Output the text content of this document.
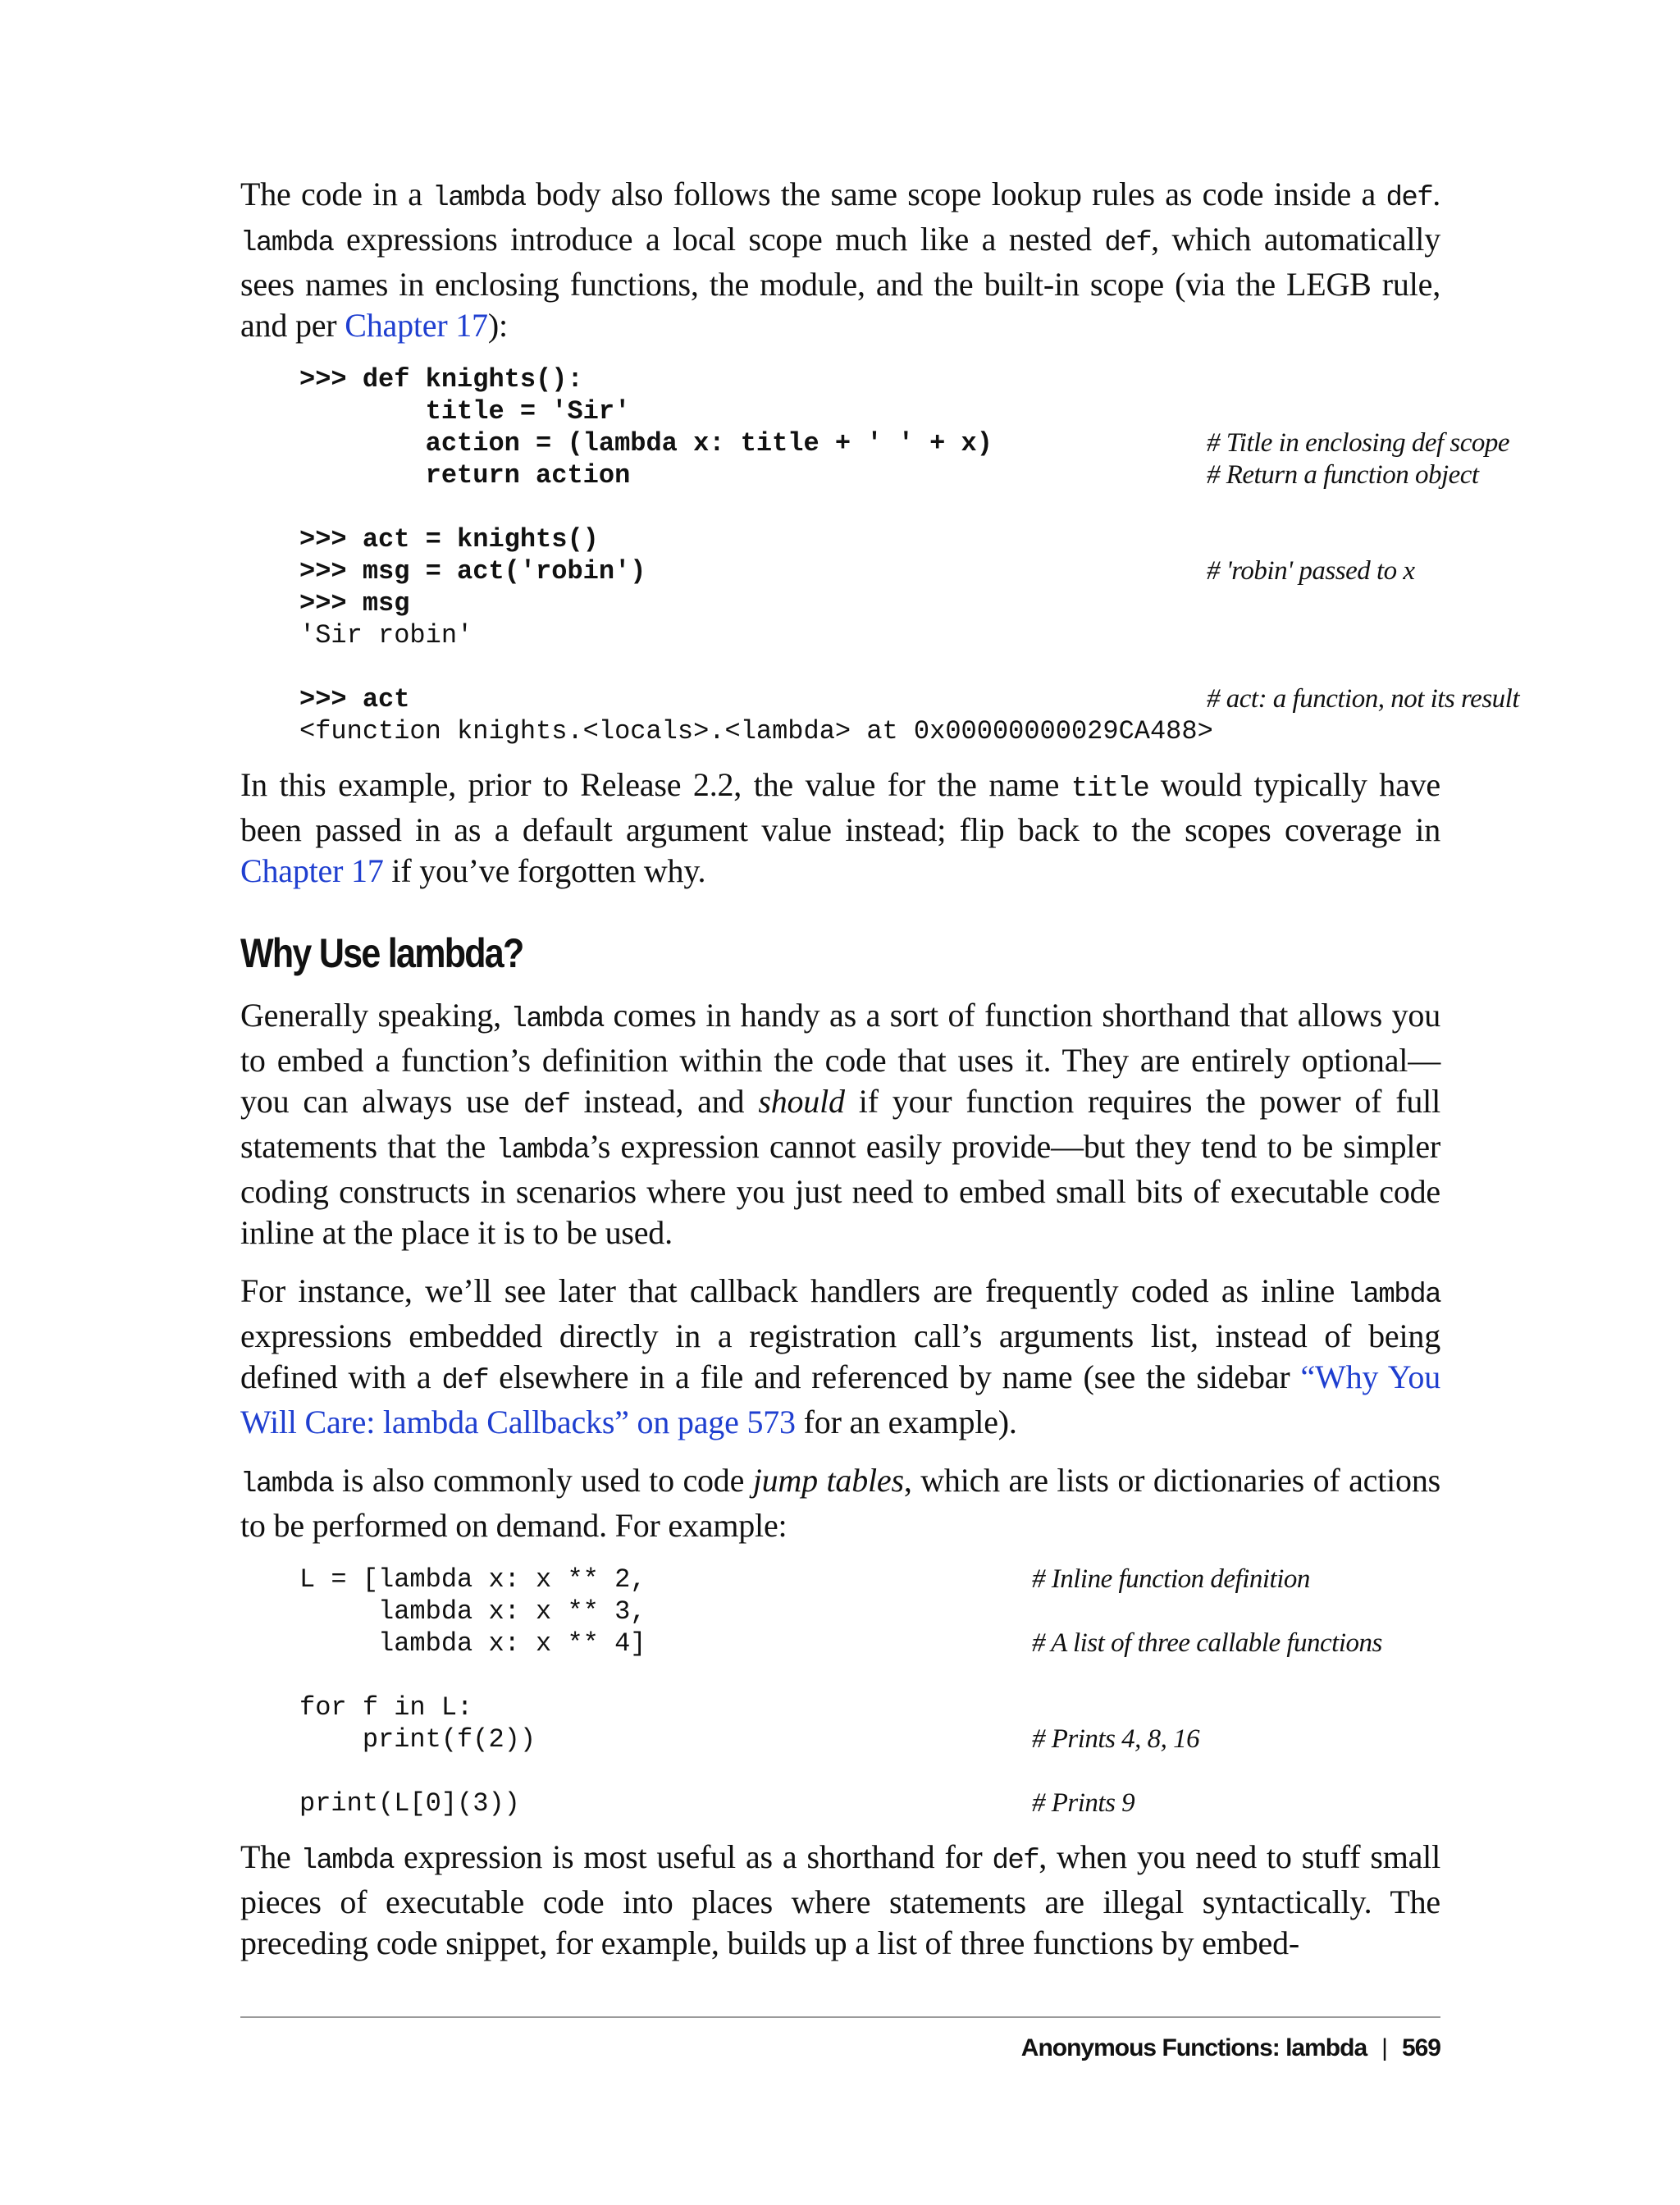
The code in a lambda body also follows the same scope lookup rules as code inside a def. lambda expressions introduce a local scope much like a nested def, which automatically sees names in enclosing functions, the module, and the built-in scope (via the LEGB rule, and per Chapter 17):

>>> def knights():
title = 'Sir'
action = (lambda x: title + ' ' + x)	# Title in enclosing def scope
return action	# Return a function object
>>> act = knights()
>>> msg = act('robin')	# 'robin' passed to x
>>> msg
'Sir robin'
>>> act	# act: a function, not its result
<function knights.<locals>.<lambda> at 0x00000000029CA488>

In this example, prior to Release 2.2, the value for the name title would typically have been passed in as a default argument value instead; flip back to the scopes coverage in Chapter 17 if you’ve forgotten why.

Why Use lambda?

Generally speaking, lambda comes in handy as a sort of function shorthand that allows you to embed a function’s definition within the code that uses it. They are entirely optional—you can always use def instead, and should if your function requires the power of full statements that the lambda’s expression cannot easily provide—but they tend to be simpler coding constructs in scenarios where you just need to embed small bits of executable code inline at the place it is to be used.

For instance, we’ll see later that callback handlers are frequently coded as inline lambda expressions embedded directly in a registration call’s arguments list, instead of being defined with a def elsewhere in a file and referenced by name (see the sidebar “Why You Will Care: lambda Callbacks” on page 573 for an example).

lambda is also commonly used to code jump tables, which are lists or dictionaries of actions to be performed on demand. For example:

L = [lambda x: x ** 2,	# Inline function definition
lambda x: x ** 3,
lambda x: x ** 4]	# A list of three callable functions
for f in L:
print(f(2))	# Prints 4, 8, 16
print(L[0](3))	# Prints 9

The lambda expression is most useful as a shorthand for def, when you need to stuff small pieces of executable code into places where statements are illegal syntactically. The preceding code snippet, for example, builds up a list of three functions by embed-

Anonymous Functions: lambda | 569
